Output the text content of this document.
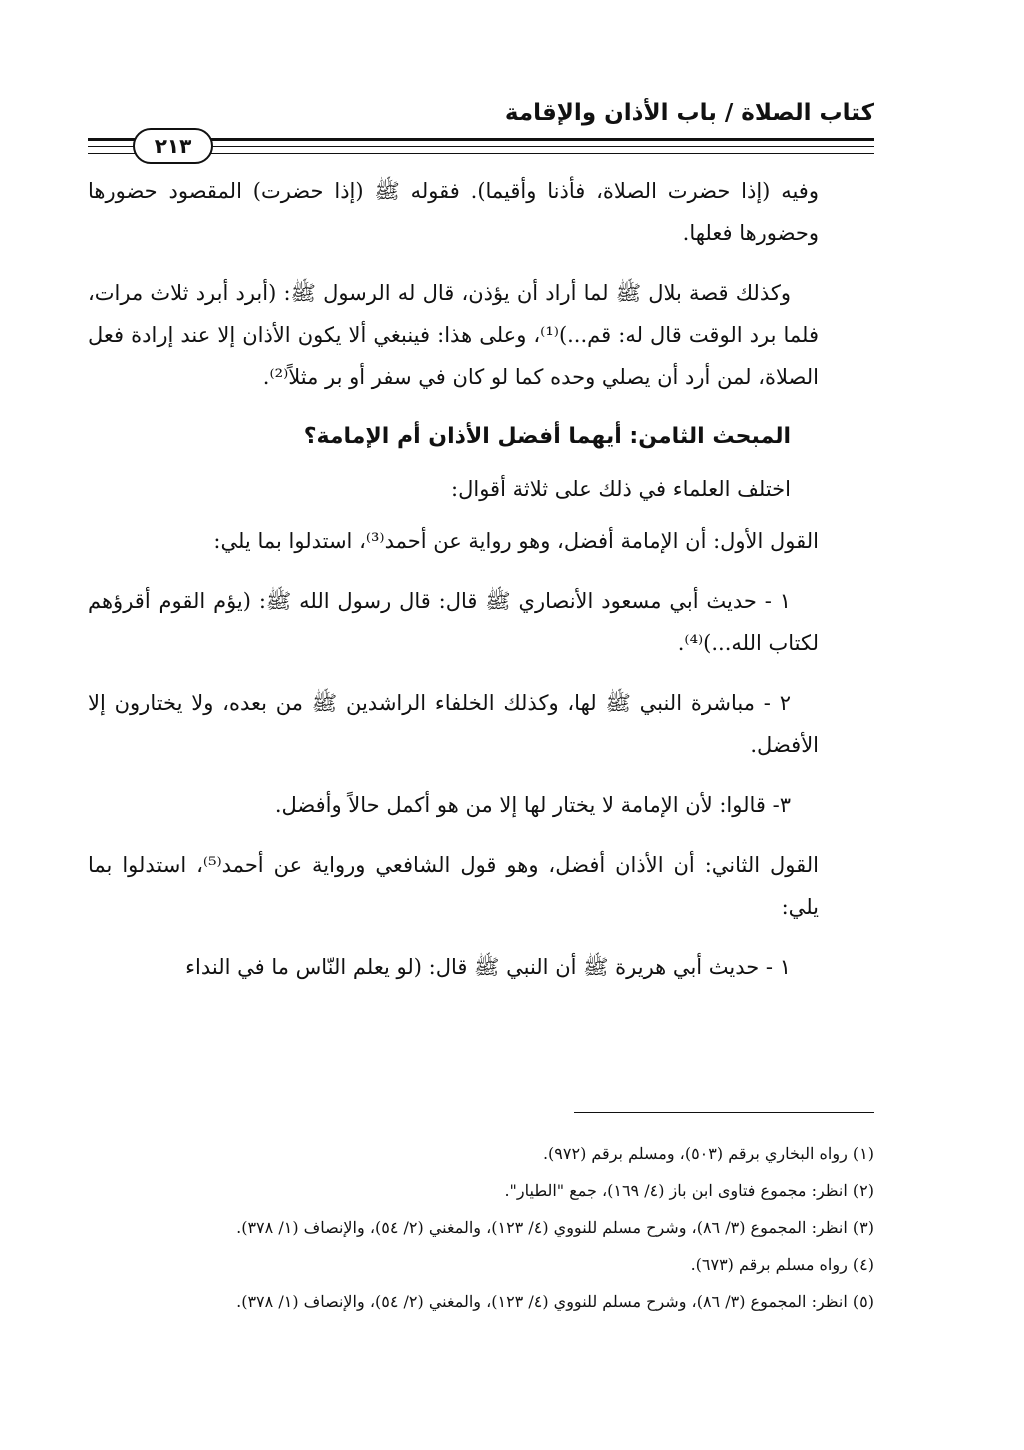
كتاب الصلاة / باب الأذان والإقامة
٢١٣

وفيه (إذا حضرت الصلاة، فأذنا وأقيما). فقوله ﷺ (إذا حضرت) المقصود حضورها وحضورها فعلها.

وكذلك قصة بلال ﷺ لما أراد أن يؤذن، قال له الرسول ﷺ: (أبرد أبرد ثلاث مرات، فلما برد الوقت قال له: قم...)⁽¹⁾، وعلى هذا: فينبغي ألا يكون الأذان إلا عند إرادة فعل الصلاة، لمن أرد أن يصلي وحده كما لو كان في سفر أو بر مثلاً⁽²⁾.

المبحث الثامن: أيهما أفضل الأذان أم الإمامة؟

اختلف العلماء في ذلك على ثلاثة أقوال:

القول الأول: أن الإمامة أفضل، وهو رواية عن أحمد⁽³⁾، استدلوا بما يلي:

١ - حديث أبي مسعود الأنصاري ﷺ قال: قال رسول الله ﷺ: (يؤم القوم أقرؤهم لكتاب الله...)⁽⁴⁾.

٢ - مباشرة النبي ﷺ لها، وكذلك الخلفاء الراشدين ﷺ من بعده، ولا يختارون إلا الأفضل.

٣- قالوا: لأن الإمامة لا يختار لها إلا من هو أكمل حالاً وأفضل.

القول الثاني: أن الأذان أفضل، وهو قول الشافعي ورواية عن أحمد⁽⁵⁾، استدلوا بما يلي:

١ - حديث أبي هريرة ﷺ أن النبي ﷺ قال: (لو يعلم النّاس ما في النداء

(١) رواه البخاري برقم (٥٠٣)، ومسلم برقم (٩٧٢).
(٢) انظر: مجموع فتاوى ابن باز (٤/ ١٦٩)، جمع "الطيار".
(٣) انظر: المجموع (٣/ ٨٦)، وشرح مسلم للنووي (٤/ ١٢٣)، والمغني (٢/ ٥٤)، والإنصاف (١/ ٣٧٨).
(٤) رواه مسلم برقم (٦٧٣).
(٥) انظر: المجموع (٣/ ٨٦)، وشرح مسلم للنووي (٤/ ١٢٣)، والمغني (٢/ ٥٤)، والإنصاف (١/ ٣٧٨).
